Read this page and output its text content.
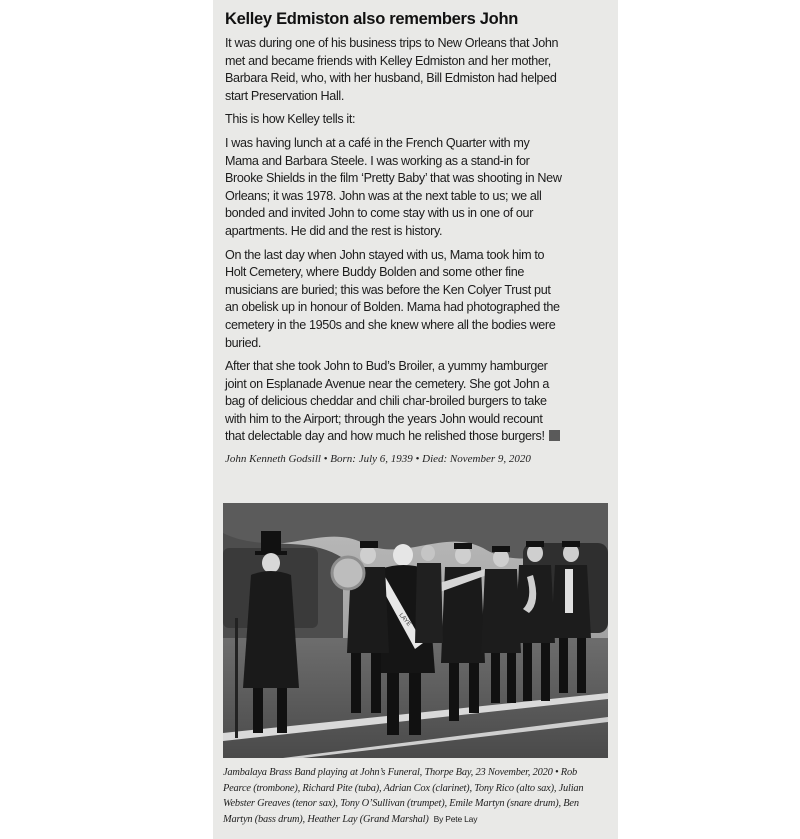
Kelley Edmiston also remembers John

It was during one of his business trips to New Orleans that John met and became friends with Kelley Edmiston and her mother, Barbara Reid, who, with her husband, Bill Edmiston had helped start Preservation Hall.

This is how Kelley tells it:

I was having lunch at a café in the French Quarter with my Mama and Barbara Steele. I was working as a stand-in for Brooke Shields in the film ‘Pretty Baby’ that was shooting in New Orleans; it was 1978. John was at the next table to us; we all bonded and invited John to come stay with us in one of our apartments. He did and the rest is history.

On the last day when John stayed with us, Mama took him to Holt Cemetery, where Buddy Bolden and some other fine musicians are buried; this was before the Ken Colyer Trust put an obelisk up in honour of Bolden. Mama had photographed the cemetery in the 1950s and she knew where all the bodies were buried.

After that she took John to Bud’s Broiler, a yummy hamburger joint on Esplanade Avenue near the cemetery. She got John a bag of delicious cheddar and chili char-broiled burgers to take with him to the Airport; through the years John would recount that delectable day and how much he relished those burgers!

John Kenneth Godsill • Born: July 6, 1939 • Died: November 9, 2020
LAYE
Jambalaya Brass Band playing at John’s Funeral, Thorpe Bay, 23 November, 2020 • Rob Pearce (trombone), Richard Pite (tuba), Adrian Cox (clarinet), Tony Rico (alto sax), Julian Webster Greaves (tenor sax), Tony O’Sullivan (trumpet), Emile Martyn (snare drum), Ben Martyn (bass drum), Heather Lay (Grand Marshal) By Pete Lay
